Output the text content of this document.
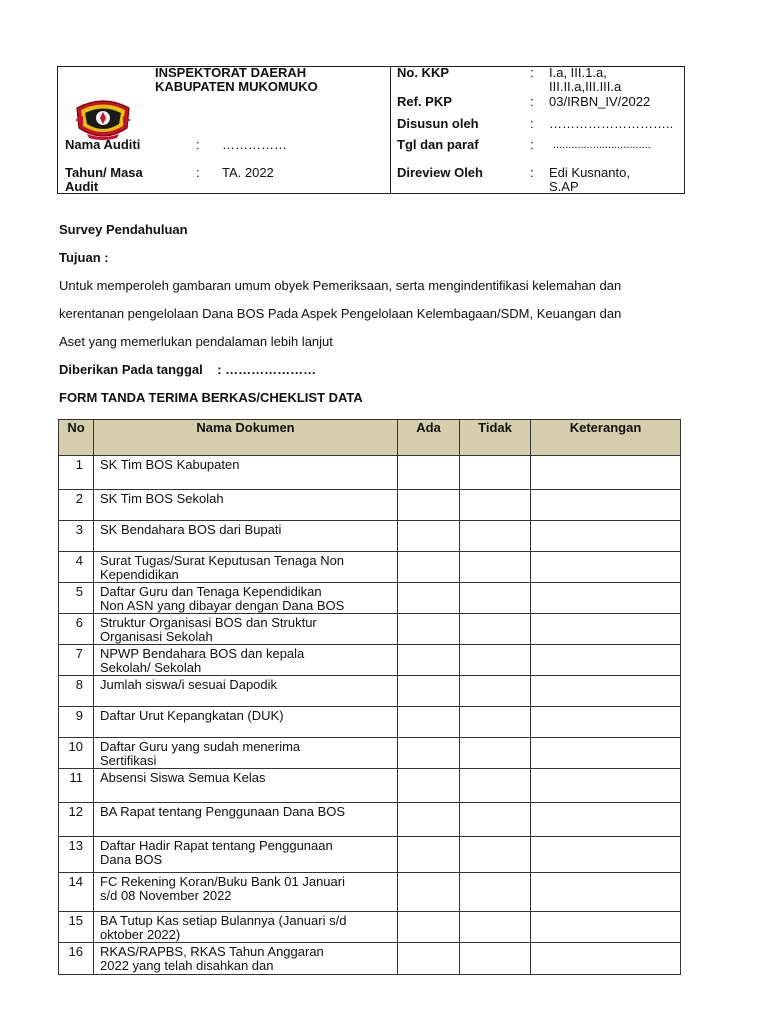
INSPEKTORAT DAERAH
KABUPATEN MUKOMUKO
Nama Auditi	: ……………
Tahun/ Masa
Audit
: TA. 2022
No. KKP	: I.a, III.1.a,
III.II.a,III.III.a
Ref. PKP	: 03/IRBN_IV/2022
Disusun oleh	: ………………………..
Tgl dan paraf	: ................................
Direview Oleh	: Edi Kusnanto,
S.AP
Survey Pendahuluan
Tujuan :
Untuk memperoleh gambaran umum obyek Pemeriksaan, serta mengindentifikasi kelemahan dan
kerentanan pengelolaan Dana BOS Pada Aspek Pengelolaan Kelembagaan/SDM, Keuangan dan
Aset yang memerlukan pendalaman lebih lanjut
Diberikan Pada tanggal    : …………………
FORM TANDA TERIMA BERKAS/CHEKLIST DATA
No	Nama Dokumen	Ada	Tidak	Keterangan
1	SK Tim BOS Kabupaten			

2	SK Tim BOS Sekolah			

3	SK Bendahara BOS dari Bupati			

4	Surat Tugas/Surat Keputusan Tenaga Non
Kependidikan			

5	Daftar Guru dan Tenaga Kependidikan
Non ASN yang dibayar dengan Dana BOS			

6	Struktur Organisasi BOS dan Struktur
Organisasi Sekolah			

7	NPWP Bendahara BOS dan kepala
Sekolah/ Sekolah			

8	Jumlah siswa/i sesuai Dapodik			

9	Daftar Urut Kepangkatan (DUK)			

10	Daftar Guru yang sudah menerima
Sertifikasi			

11	Absensi Siswa Semua Kelas			

12	BA Rapat tentang Penggunaan Dana BOS			

13	Daftar Hadir Rapat tentang Penggunaan
Dana BOS			

14	FC Rekening Koran/Buku Bank 01 Januari
s/d 08 November 2022			

15	BA Tutup Kas setiap Bulannya (Januari s/d
oktober 2022)			

16	RKAS/RAPBS, RKAS Tahun Anggaran
2022 yang telah disahkan dan			
